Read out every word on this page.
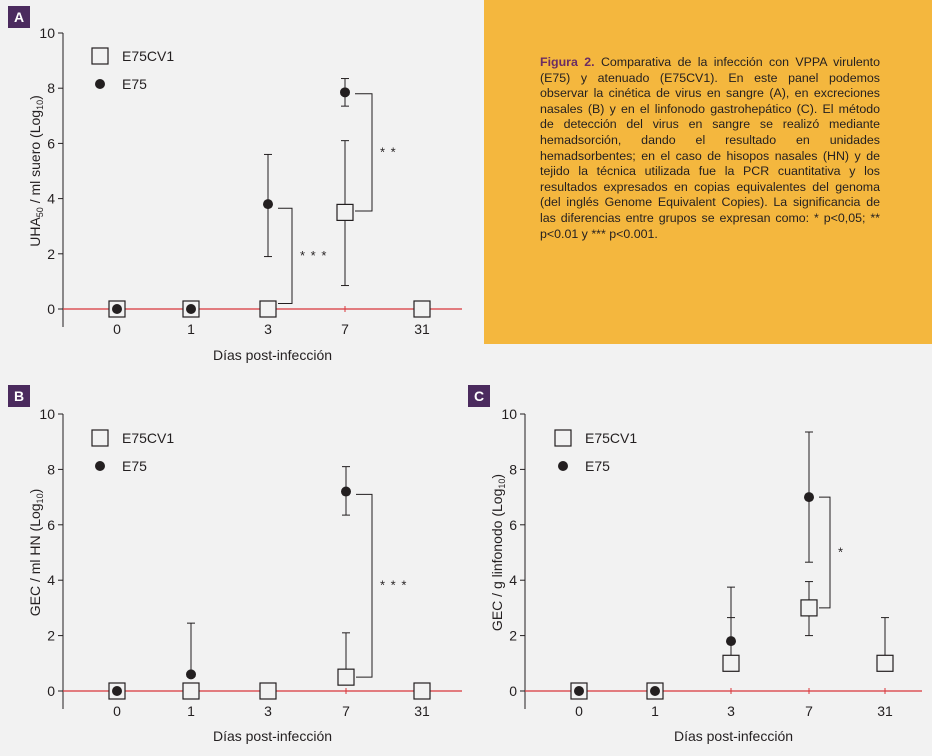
A
0
2
4
6
8
10
0	1	3	7	31
Días post-infección
$UHA_{50}$ / ml suero (Log$_{10}$)
E75CV1
E75
* * *
* *
B
0
2
4
6
8
10
0	1	3	7	31
Días post-infección
GEC / ml HN (Log$_{10}$)
E75CV1
E75
* * *
C
0
2
4
6
8
10
0	1	3	7	31
Días post-infección
GEC / g linfonodo (Log$_{10}$)
E75CV1
E75
*

Figura 2. Comparativa de la infección con VPPA virulento (E75) y atenuado (E75CV1). En este panel podemos observar la cinética de virus en sangre (A), en excreciones nasales (B) y en el linfonodo gastrohepático (C). El método de detección del virus en sangre se realizó mediante hemadsorción, dando el resultado en unidades hemadsorbentes; en el caso de hisopos nasales (HN) y de tejido la técnica utilizada fue la PCR cuantitativa y los resultados expresados en copias equivalentes del genoma (del inglés Genome Equivalent Copies). La significancia de las diferencias entre grupos se expresan como: * p<0,05; ** p<0.01 y *** p<0.001.
